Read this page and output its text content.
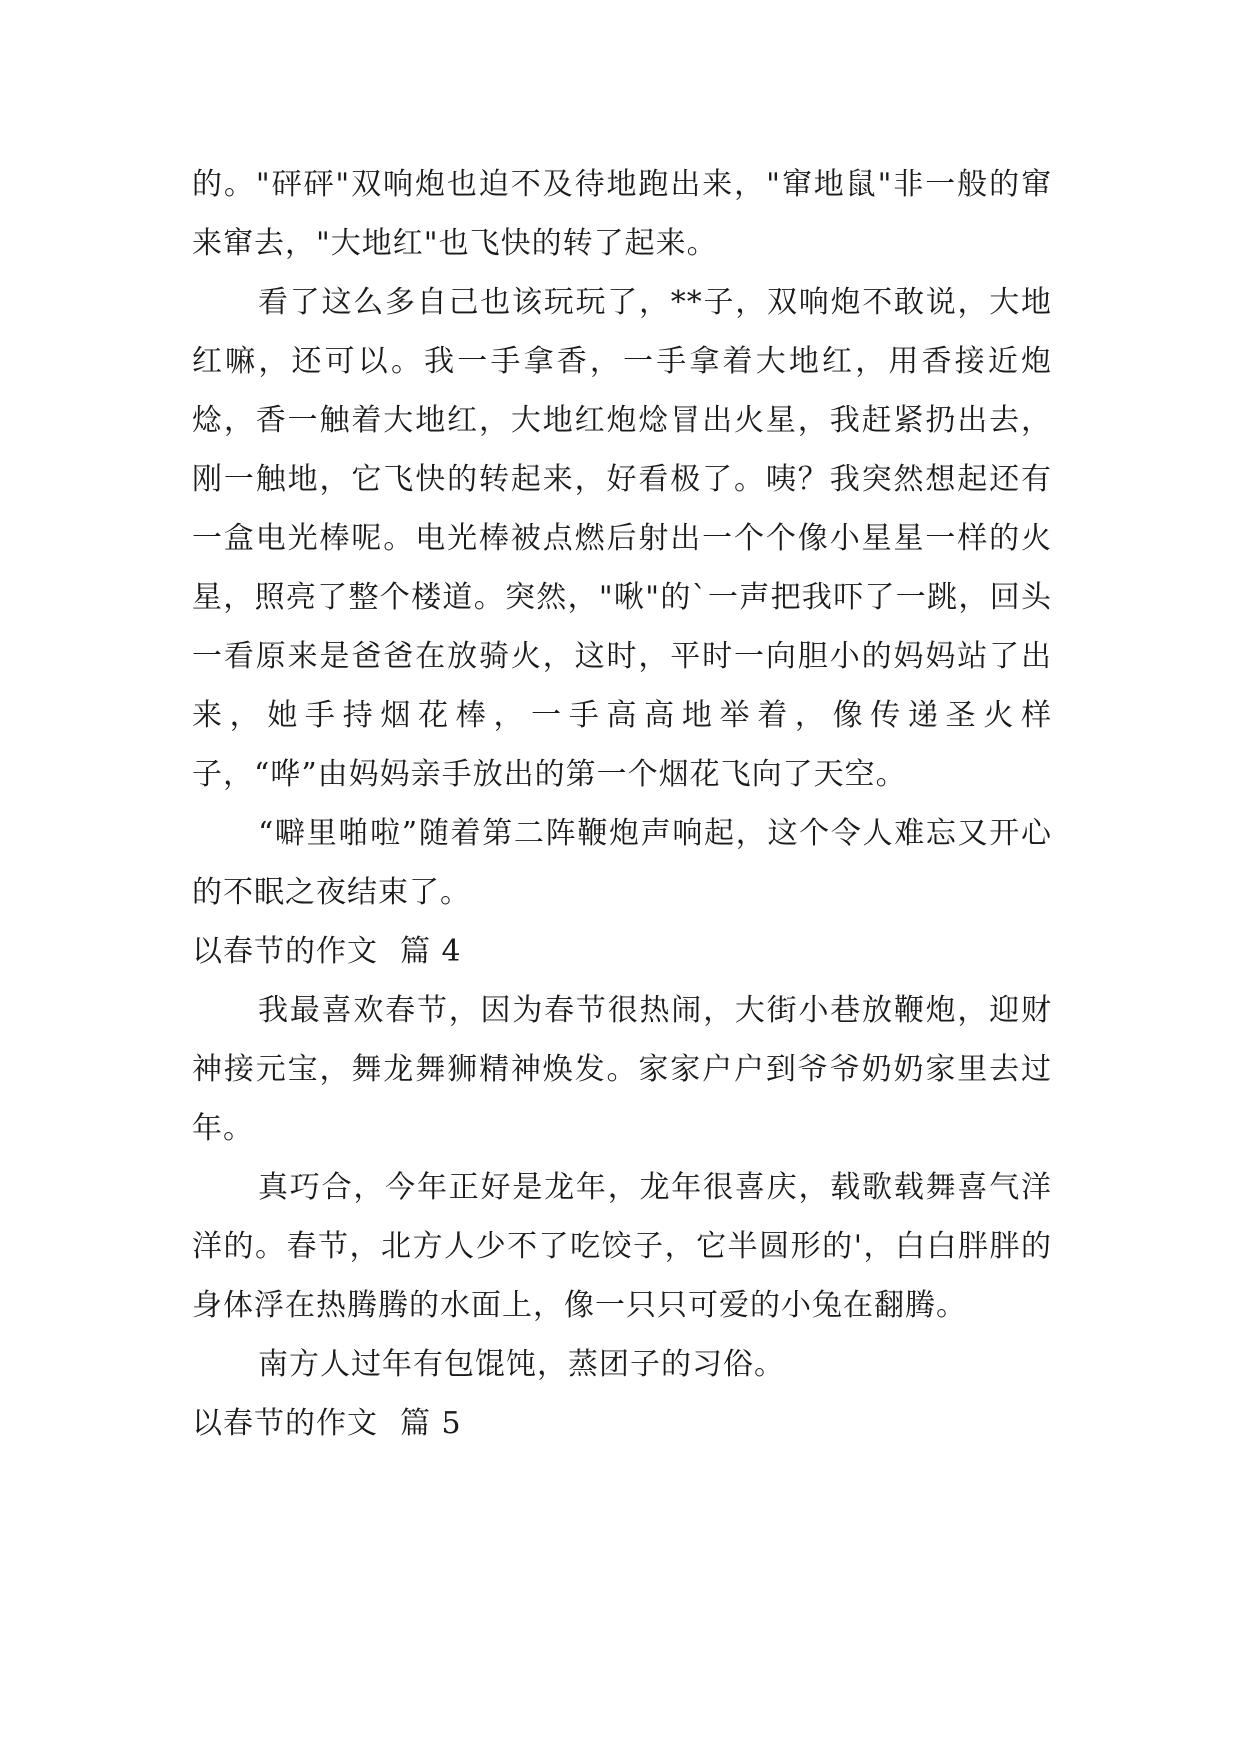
的。"砰砰"双响炮也迫不及待地跑出来，"窜地鼠"非一般的窜来窜去，"大地红"也飞快的转了起来。

看了这么多自己也该玩玩了，**子，双响炮不敢说，大地红嘛，还可以。我一手拿香，一手拿着大地红，用香接近炮焾，香一触着大地红，大地红炮焾冒出火星，我赶紧扔出去，刚一触地，它飞快的转起来，好看极了。咦？我突然想起还有一盒电光棒呢。电光棒被点燃后射出一个个像小星星一样的火星，照亮了整个楼道。突然，"啾"的`一声把我吓了一跳，回头一看原来是爸爸在放骑火，这时，平时一向胆小的妈妈站了出来，她手持烟花棒，一手高高地举着，像传递圣火样子，“哗”由妈妈亲手放出的第一个烟花飞向了天空。

“噼里啪啦”随着第二阵鞭炮声响起，这个令人难忘又开心的不眠之夜结束了。

以春节的作文 篇 4

我最喜欢春节，因为春节很热闹，大街小巷放鞭炮，迎财神接元宝，舞龙舞狮精神焕发。家家户户到爷爷奶奶家里去过年。

真巧合，今年正好是龙年，龙年很喜庆，载歌载舞喜气洋洋的。春节，北方人少不了吃饺子，它半圆形的'，白白胖胖的身体浮在热腾腾的水面上，像一只只可爱的小兔在翻腾。

南方人过年有包馄饨，蒸团子的习俗。

以春节的作文 篇 5
